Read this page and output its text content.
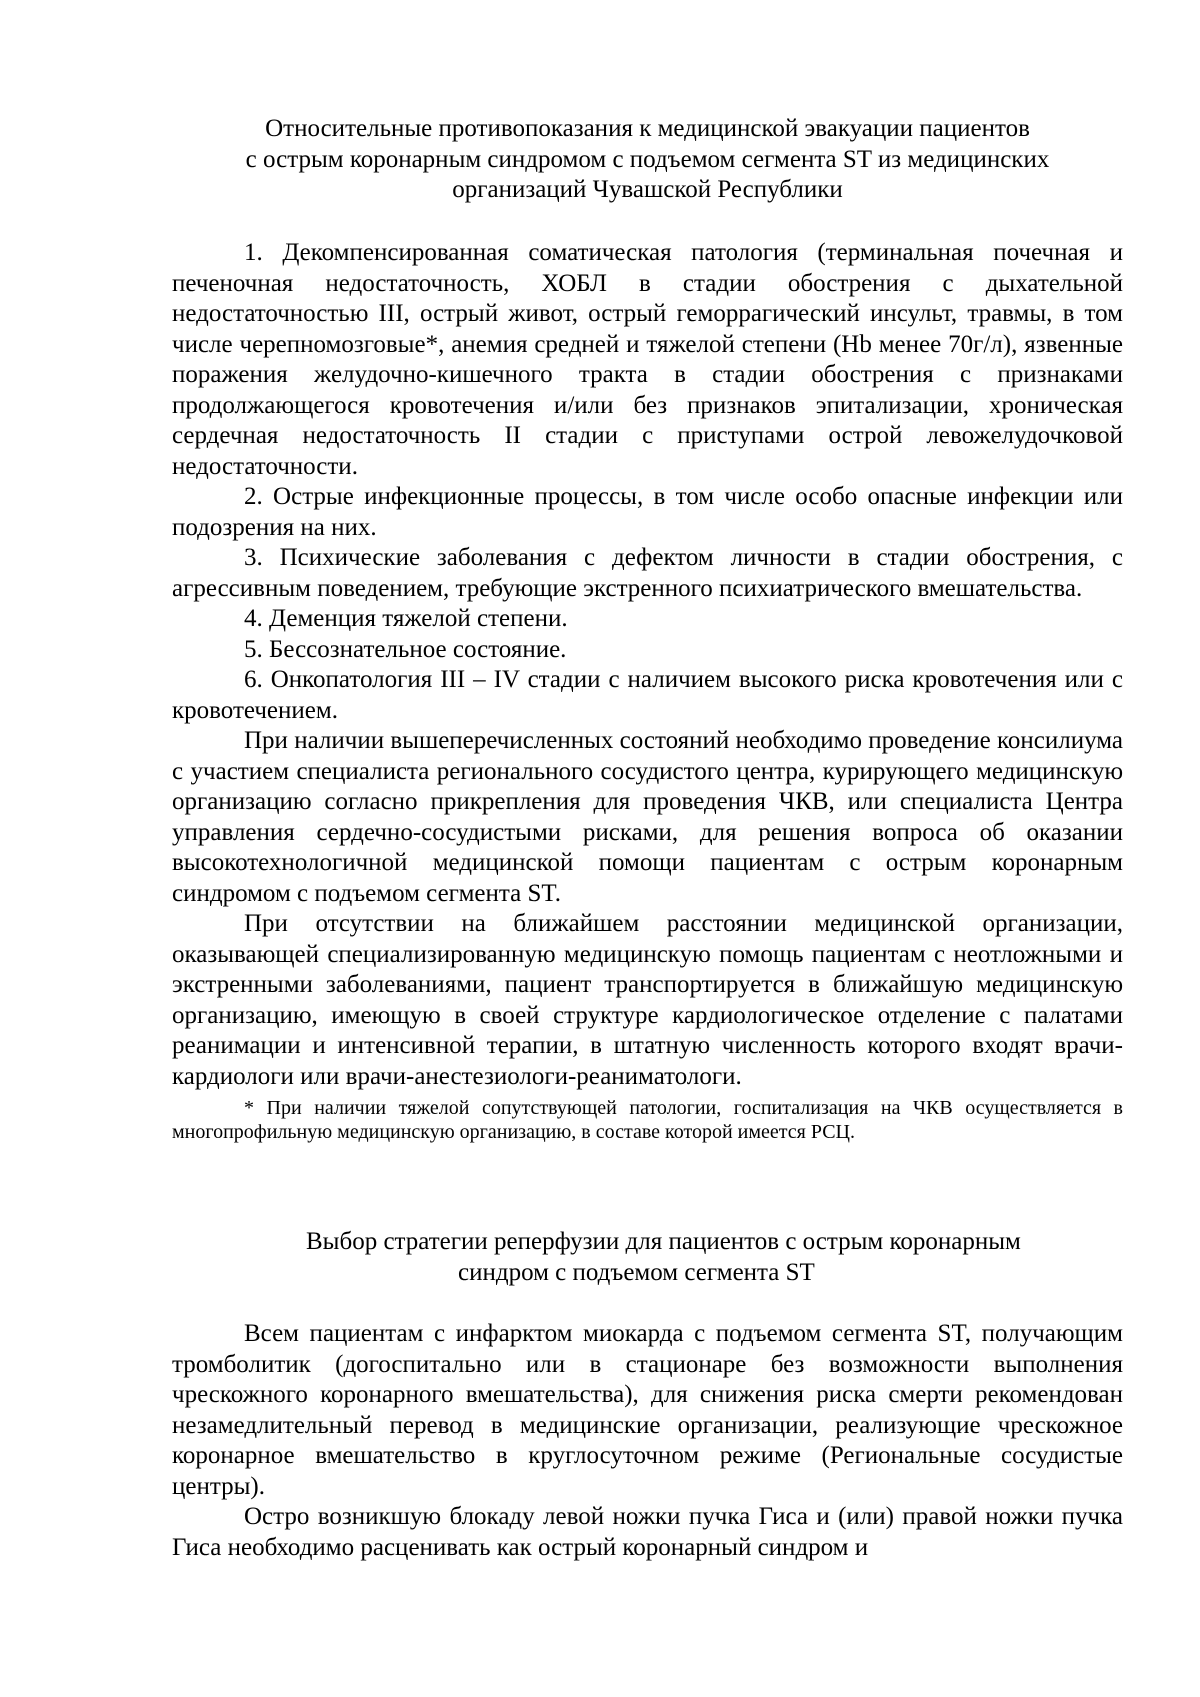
Относительные противопоказания к медицинской эвакуации пациентов
с острым коронарным синдромом с подъемом сегмента ST из медицинских
организаций Чувашской Республики

1. Декомпенсированная соматическая патология (терминальная почечная и печеночная недостаточность, ХОБЛ в стадии обострения с дыхательной недостаточностью III, острый живот, острый геморрагический инсульт, травмы, в том числе черепномозговые*, анемия средней и тяжелой степени (Hb менее 70г/л), язвенные поражения желудочно-кишечного тракта в стадии обострения с признаками продолжающегося кровотечения и/или без признаков эпитализации, хроническая сердечная недостаточность II стадии с приступами острой левожелудочковой недостаточности.

2. Острые инфекционные процессы, в том числе особо опасные инфекции или подозрения на них.

3. Психические заболевания с дефектом личности в стадии обострения, с агрессивным поведением, требующие экстренного психиатрического вмешательства.

4. Деменция тяжелой степени.

5. Бессознательное состояние.

6. Онкопатология III – IV стадии с наличием высокого риска кровотечения или с кровотечением.

При наличии вышеперечисленных состояний необходимо проведение консилиума с участием специалиста регионального сосудистого центра, курирующего медицинскую организацию согласно прикрепления для проведения ЧКВ, или специалиста Центра управления сердечно-сосудистыми рисками, для решения вопроса об оказании высокотехнологичной медицинской помощи пациентам с острым коронарным синдромом с подъемом сегмента ST.

При отсутствии на ближайшем расстоянии медицинской организации, оказывающей специализированную медицинскую помощь пациентам с неотложными и экстренными заболеваниями, пациент транспортируется в ближайшую медицинскую организацию, имеющую в своей структуре кардиологическое отделение с палатами реанимации и интенсивной терапии, в штатную численность которого входят врачи-кардиологи или врачи-анестезиологи-реаниматологи.

* При наличии тяжелой сопутствующей патологии, госпитализация на ЧКВ осуществляется в многопрофильную медицинскую организацию, в составе которой имеется РСЦ.

Выбор стратегии реперфузии для пациентов с острым коронарным
синдром с подъемом сегмента ST

Всем пациентам с инфарктом миокарда с подъемом сегмента ST, получающим тромболитик (догоспитально или в стационаре без возможности выполнения чрескожного коронарного вмешательства), для снижения риска смерти рекомендован незамедлительный перевод в медицинские организации, реализующие чрескожное коронарное вмешательство в круглосуточном режиме (Региональные сосудистые центры).

Остро возникшую блокаду левой ножки пучка Гиса и (или) правой ножки пучка Гиса необходимо расценивать как острый коронарный синдром и
